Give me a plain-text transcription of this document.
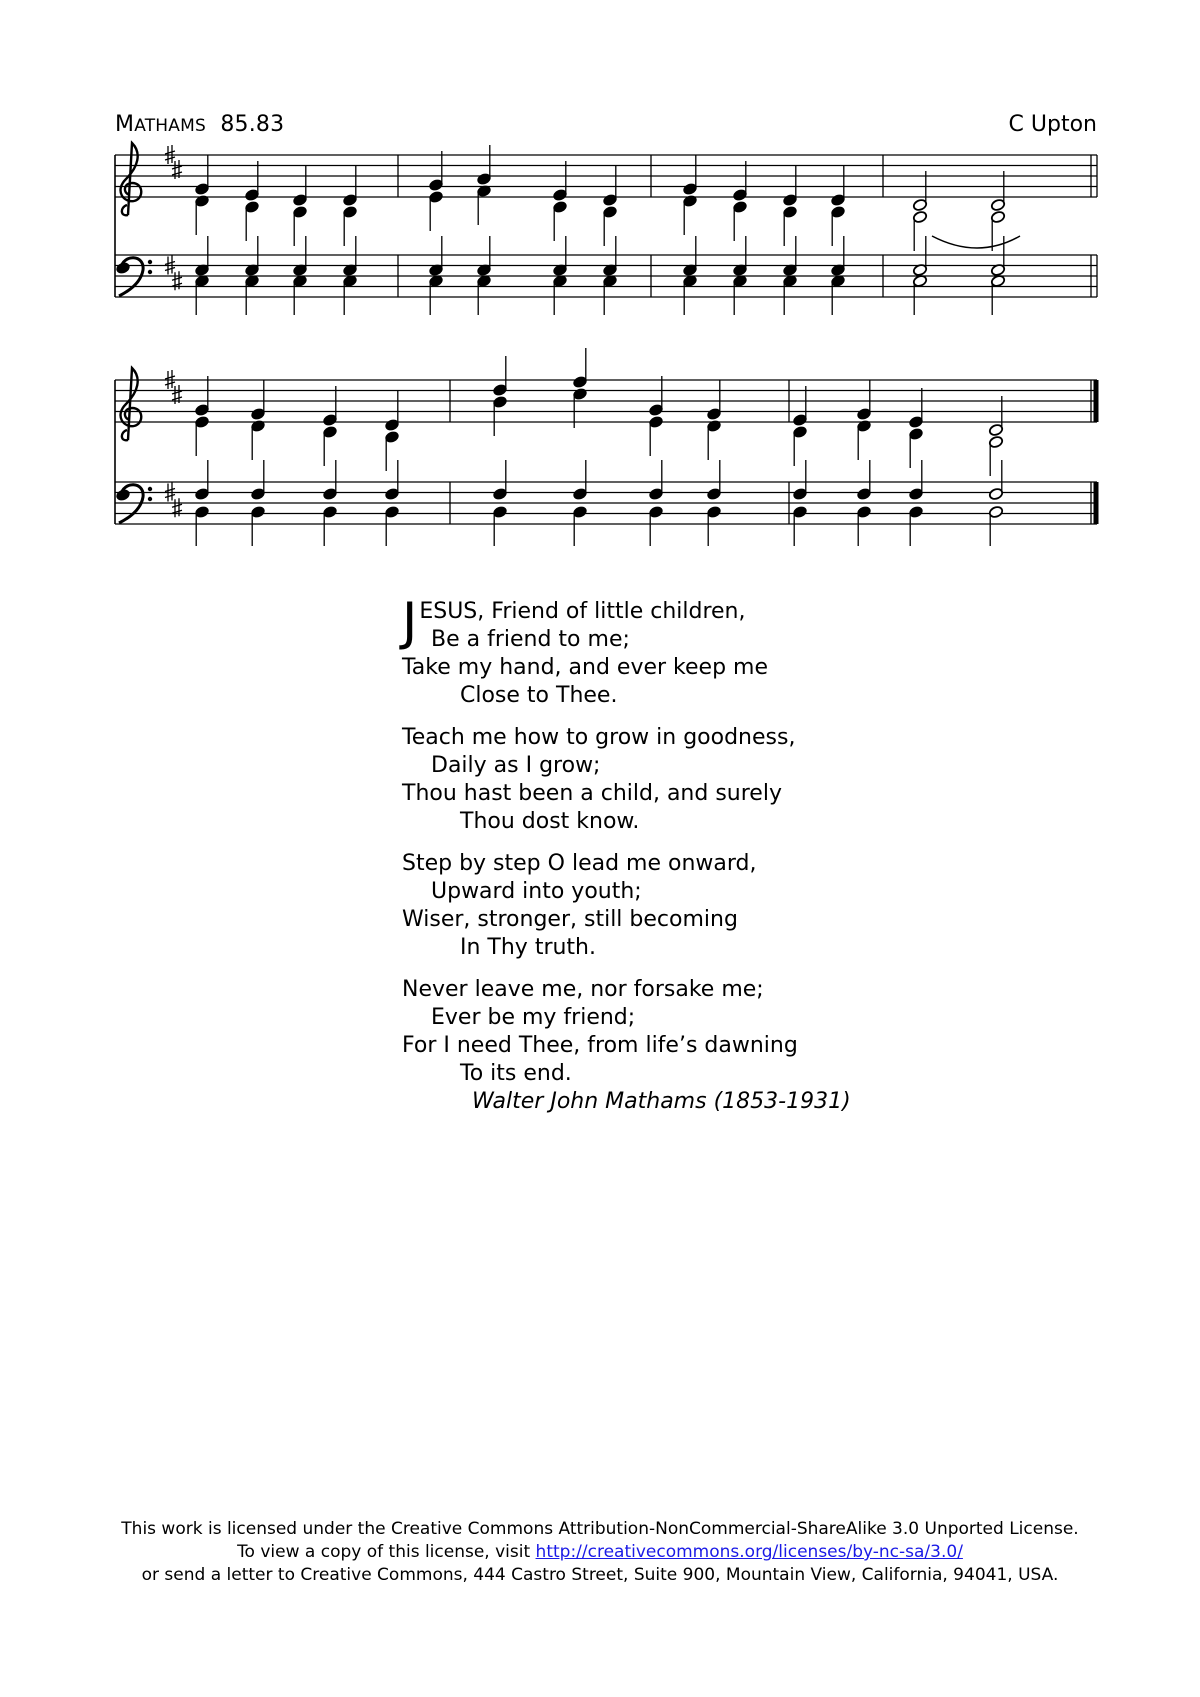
MATHAMS 85.83	C Upton
J ESUS, Friend of little children,
Be a friend to me;
Take my hand, and ever keep me
Close to Thee.
Teach me how to grow in goodness,
Daily as I grow;
Thou hast been a child, and surely
Thou dost know.
Step by step O lead me onward,
Upward into youth;
Wiser, stronger, still becoming
In Thy truth.
Never leave me, nor forsake me;
Ever be my friend;
For I need Thee, from life’s dawning
To its end.
Walter John Mathams (1853-1931)
This work is licensed under the Creative Commons Attribution-NonCommercial-ShareAlike 3.0 Unported License.
To view a copy of this license, visit http://creativecommons.org/licenses/by-nc-sa/3.0/
or send a letter to Creative Commons, 444 Castro Street, Suite 900, Mountain View, California, 94041, USA.
